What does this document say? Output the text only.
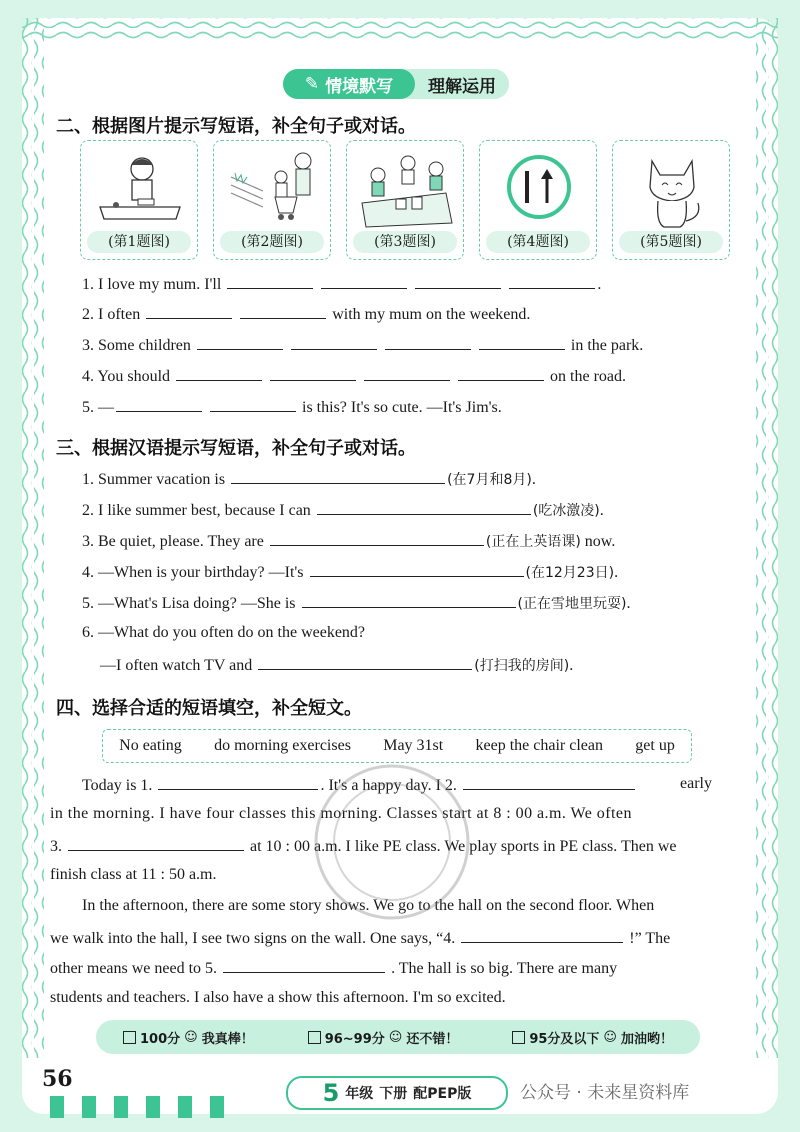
✎ 情境默写	理解运用
二、根据图片提示写短语，补全句子或对话。
(第1题图)	(第2题图)	(第3题图)	(第4题图)	(第5题图)
1. I love my mum. I'll	.
2. I often	with my mum on the weekend.
3. Some children	in the park.
4. You should	on the road.
5. —	is this? It's so cute. —It's Jim's.
三、根据汉语提示写短语，补全句子或对话。
1. Summer vacation is	(在7月和8月).
2. I like summer best, because I can	(吃冰激凌).
3. Be quiet, please. They are	(正在上英语课) now.
4. —When is your birthday? —It's	(在12月23日).
5. —What's Lisa doing? —She is	(正在雪地里玩耍).
6. —What do you often do on the weekend?
—I often watch TV and	(打扫我的房间).
四、选择合适的短语填空，补全短文。
No eating do morning exercises May 31st keep the chair clean get up
Today is 1.	. It's a happy day. I 2.	early
in the morning. I have four classes this morning. Classes start at 8 : 00 a.m. We often
3.	at 10 : 00 a.m. I like PE class. We play sports in PE class. Then we
finish class at 11 : 50 a.m.
In the afternoon, there are some story shows. We go to the hall on the second floor. When
we walk into the hall, I see two signs on the wall. One says, “4.	!” The
other means we need to 5.	. The hall is so big. There are many
students and teachers. I also have a show this afternoon. I'm so excited.
100分 ☺ 我真棒！	96~99分 ☺ 还不错！	95分及以下 ☺ 加油哟！
56	5 年级 下册 配PEP版	公众号 · 未来星资料库
